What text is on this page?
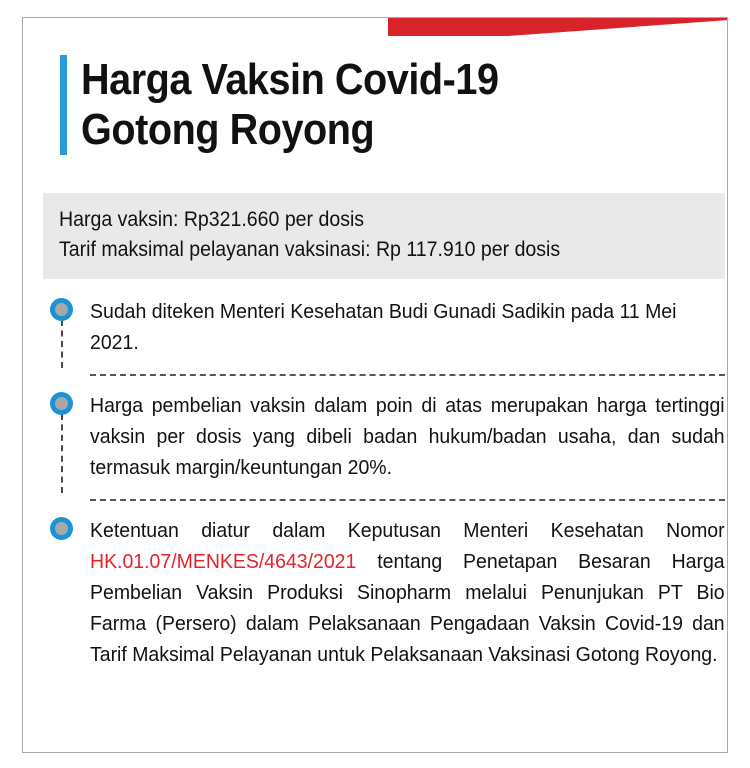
Harga Vaksin Covid-19
Gotong Royong
Harga vaksin: Rp321.660 per dosis
Tarif maksimal pelayanan vaksinasi: Rp 117.910 per dosis
Sudah diteken Menteri Kesehatan Budi Gunadi Sadikin pada 11 Mei 2021.
Harga pembelian vaksin dalam poin di atas merupakan harga tertinggi vaksin per dosis yang dibeli badan hukum/badan usaha, dan sudah termasuk margin/keuntungan 20%.
Ketentuan diatur dalam Keputusan Menteri Kesehatan Nomor HK.01.07/MENKES/4643/2021 tentang Penetapan Besaran Harga Pembelian Vaksin Produksi Sinopharm melalui Penunjukan PT Bio Farma (Persero) dalam Pelaksanaan Pengadaan Vaksin Covid-19 dan Tarif Maksimal Pelayanan untuk Pelaksanaan Vaksinasi Gotong Royong.
